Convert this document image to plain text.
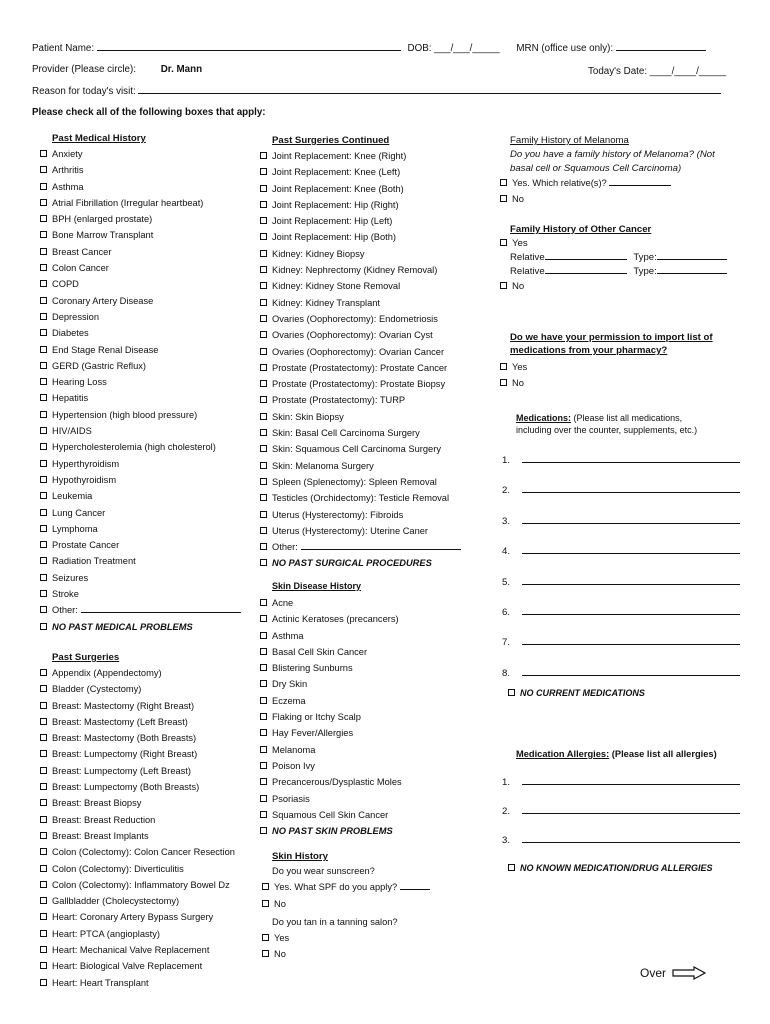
Patient Name:	DOB: ___/___/_____ MRN (office use only):
Provider (Please circle):	Dr. Mann	Today's Date: ____/____/_____
Reason for today's visit:
Please check all of the following boxes that apply:
Past Medical History
Anxiety
Arthritis
Asthma
Atrial Fibrillation (Irregular heartbeat)
BPH (enlarged prostate)
Bone Marrow Transplant
Breast Cancer
Colon Cancer
COPD
Coronary Artery Disease
Depression
Diabetes
End Stage Renal Disease
GERD (Gastric Reflux)
Hearing Loss
Hepatitis
Hypertension (high blood pressure)
HIV/AIDS
Hypercholesterolemia (high cholesterol)
Hyperthyroidism
Hypothyroidism
Leukemia
Lung Cancer
Lymphoma
Prostate Cancer
Radiation Treatment
Seizures
Stroke
Other:
NO PAST MEDICAL PROBLEMS
Past Surgeries
Appendix (Appendectomy)
Bladder (Cystectomy)
Breast: Mastectomy (Right Breast)
Breast: Mastectomy (Left Breast)
Breast: Mastectomy (Both Breasts)
Breast: Lumpectomy (Right Breast)
Breast: Lumpectomy (Left Breast)
Breast: Lumpectomy (Both Breasts)
Breast: Breast Biopsy
Breast: Breast Reduction
Breast: Breast Implants
Colon (Colectomy): Colon Cancer Resection
Colon (Colectomy): Diverticulitis
Colon (Colectomy): Inflammatory Bowel Dz
Gallbladder (Cholecystectomy)
Heart: Coronary Artery Bypass Surgery
Heart: PTCA (angioplasty)
Heart: Mechanical Valve Replacement
Heart: Biological Valve Replacement
Heart: Heart Transplant
Past Surgeries Continued
Joint Replacement: Knee (Right)
Joint Replacement: Knee (Left)
Joint Replacement: Knee (Both)
Joint Replacement: Hip (Right)
Joint Replacement: Hip (Left)
Joint Replacement: Hip (Both)
Kidney: Kidney Biopsy
Kidney: Nephrectomy (Kidney Removal)
Kidney: Kidney Stone Removal
Kidney: Kidney Transplant
Ovaries (Oophorectomy): Endometriosis
Ovaries (Oophorectomy): Ovarian Cyst
Ovaries (Oophorectomy): Ovarian Cancer
Prostate (Prostatectomy): Prostate Cancer
Prostate (Prostatectomy): Prostate Biopsy
Prostate (Prostatectomy): TURP
Skin: Skin Biopsy
Skin: Basal Cell Carcinoma Surgery
Skin: Squamous Cell Carcinoma Surgery
Skin: Melanoma Surgery
Spleen (Splenectomy): Spleen Removal
Testicles (Orchidectomy): Testicle Removal
Uterus (Hysterectomy): Fibroids
Uterus (Hysterectomy): Uterine Caner
Other:
NO PAST SURGICAL PROCEDURES
Skin Disease History
Acne
Actinic Keratoses (precancers)
Asthma
Basal Cell Skin Cancer
Blistering Sunburns
Dry Skin
Eczema
Flaking or Itchy Scalp
Hay Fever/Allergies
Melanoma
Poison Ivy
Precancerous/Dysplastic Moles
Psoriasis
Squamous Cell Skin Cancer
NO PAST SKIN PROBLEMS
Skin History
Do you wear sunscreen?
Yes. What SPF do you apply?
No
Do you tan in a tanning salon?
Yes
No
Family History of Melanoma
Do you have a family history of Melanoma? (Not
basal cell or Squamous Cell Carcinoma)
Yes. Which relative(s)?
No
Family History of Other Cancer
Yes
Relative	Type:
Relative	Type:
No
Do we have your permission to import list of
medications from your pharmacy?
Yes
No
Medications: (Please list all medications,
including over the counter, supplements, etc.)
1.
2.
3.
4.
5.
6.
7.
8.
NO CURRENT MEDICATIONS
Medication Allergies: (Please list all allergies)
1.
2.
3.
NO KNOWN MEDICATION/DRUG ALLERGIES
Over
